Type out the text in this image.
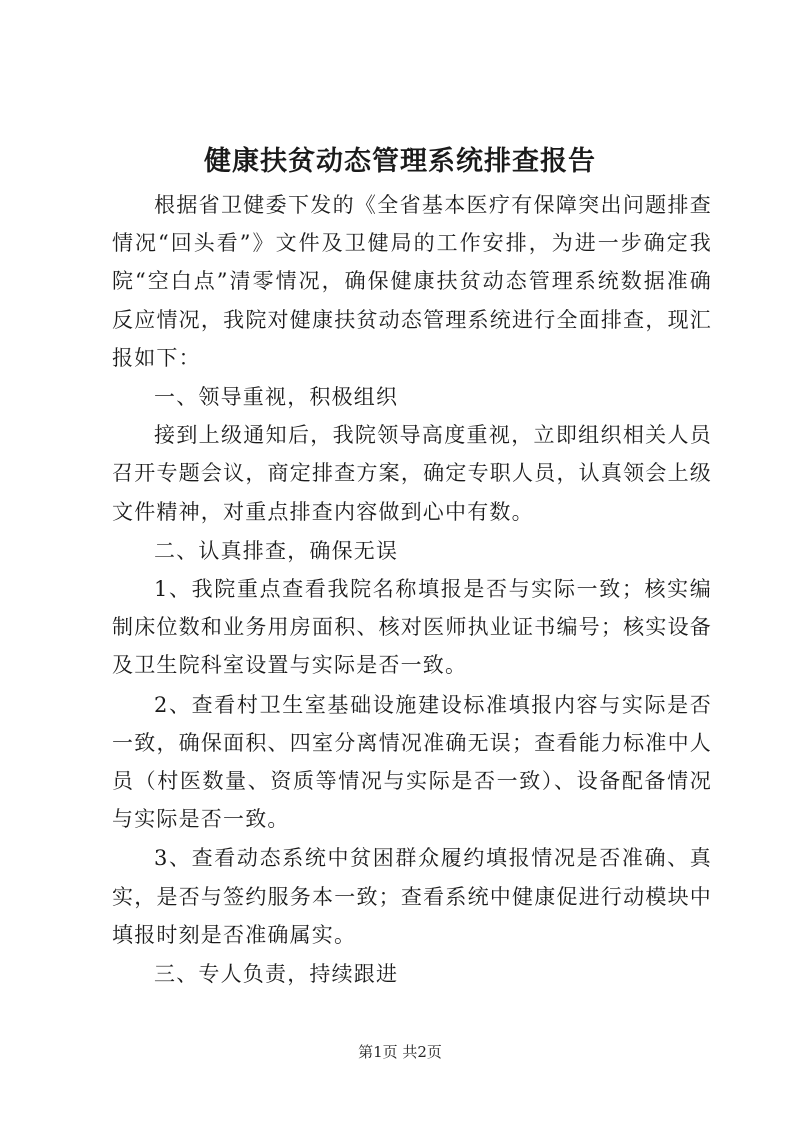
健康扶贫动态管理系统排查报告

根据省卫健委下发的《全省基本医疗有保障突出问题排查情况“回头看”》文件及卫健局的工作安排，为进一步确定我院“空白点”清零情况，确保健康扶贫动态管理系统数据准确反应情况，我院对健康扶贫动态管理系统进行全面排查，现汇报如下：

一、领导重视，积极组织

接到上级通知后，我院领导高度重视，立即组织相关人员召开专题会议，商定排查方案，确定专职人员，认真领会上级文件精神，对重点排查内容做到心中有数。

二、认真排查，确保无误

1、我院重点查看我院名称填报是否与实际一致；核实编制床位数和业务用房面积、核对医师执业证书编号；核实设备及卫生院科室设置与实际是否一致。

2、查看村卫生室基础设施建设标准填报内容与实际是否一致，确保面积、四室分离情况准确无误；查看能力标准中人员（村医数量、资质等情况与实际是否一致）、设备配备情况与实际是否一致。

3、查看动态系统中贫困群众履约填报情况是否准确、真实，是否与签约服务本一致；查看系统中健康促进行动模块中填报时刻是否准确属实。

三、专人负责，持续跟进

第1页 共2页
